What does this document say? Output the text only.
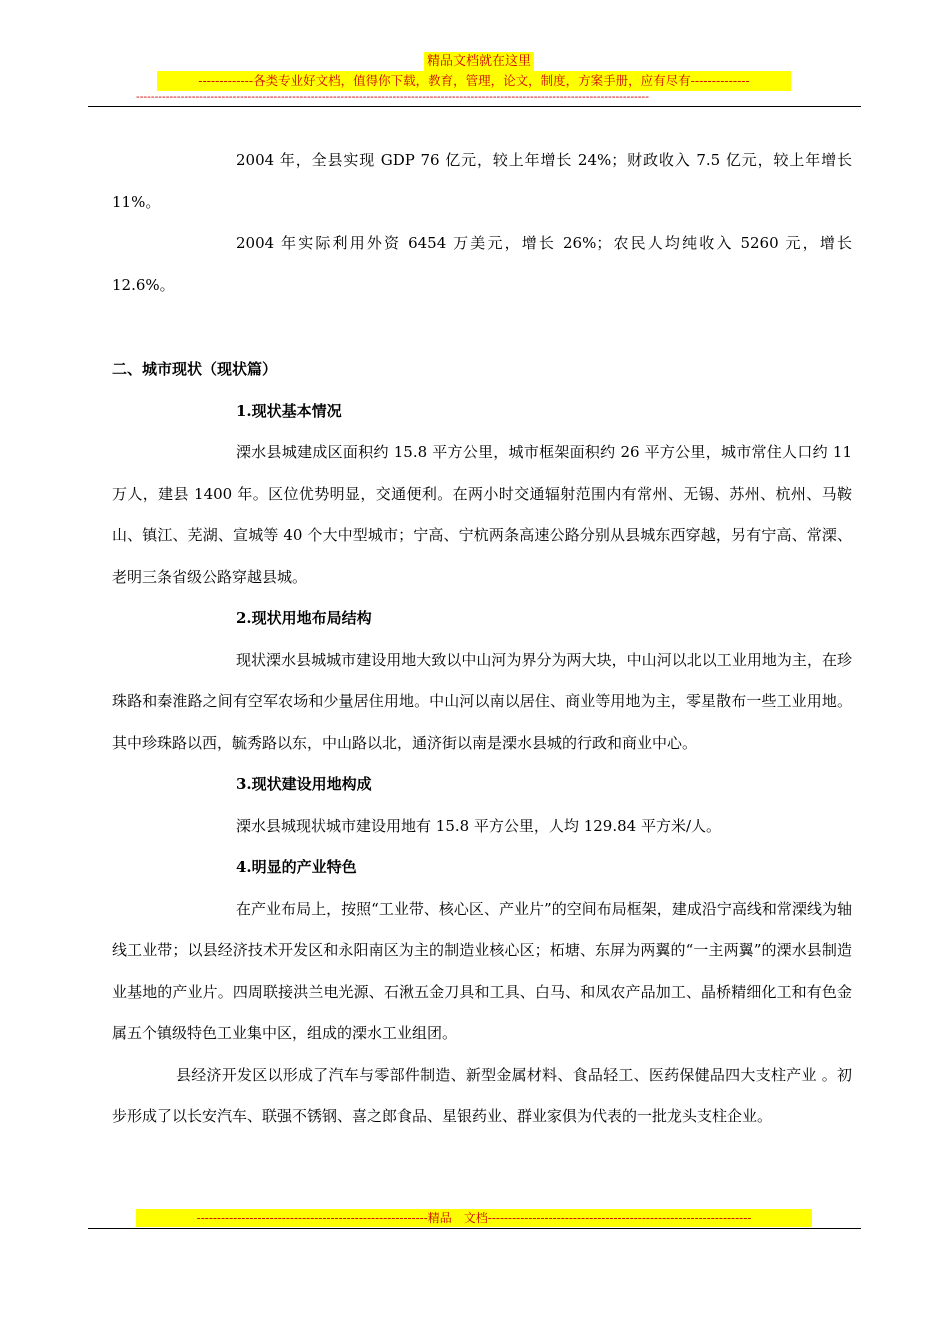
精品文档就在这里
-------------各类专业好文档，值得你下载，教育，管理，论文，制度，方案手册，应有尽有--------------
------------------------------------------------------------------------------------------------------------------------------------------

2004 年，全县实现 GDP 76 亿元，较上年增长 24%；财政收入 7.5 亿元，较上年增长 11%。

2004 年实际利用外资 6454 万美元，增长 26%；农民人均纯收入 5260 元，增长 12.6%。

二、城市现状（现状篇）

1.现状基本情况

溧水县城建成区面积约 15.8 平方公里，城市框架面积约 26 平方公里，城市常住人口约 11 万人，建县 1400 年。区位优势明显，交通便利。在两小时交通辐射范围内有常州、无锡、苏州、杭州、马鞍山、镇江、芜湖、宣城等 40 个大中型城市；宁高、宁杭两条高速公路分别从县城东西穿越，另有宁高、常溧、老明三条省级公路穿越县城。

2.现状用地布局结构

现状溧水县城城市建设用地大致以中山河为界分为两大块，中山河以北以工业用地为主，在珍珠路和秦淮路之间有空军农场和少量居住用地。中山河以南以居住、商业等用地为主，零星散布一些工业用地。其中珍珠路以西，毓秀路以东，中山路以北，通济街以南是溧水县城的行政和商业中心。

3.现状建设用地构成

溧水县城现状城市建设用地有 15.8 平方公里，人均 129.84 平方米/人。

4.明显的产业特色

在产业布局上，按照“工业带、核心区、产业片”的空间布局框架，建成沿宁高线和常溧线为轴线工业带；以县经济技术开发区和永阳南区为主的制造业核心区；柘塘、东屏为两翼的“一主两翼”的溧水县制造业基地的产业片。四周联接洪兰电光源、石湫五金刀具和工具、白马、和凤农产品加工、晶桥精细化工和有色金属五个镇级特色工业集中区，组成的溧水工业组团。

县经济开发区以形成了汽车与零部件制造、新型金属材料、食品轻工、医药保健品四大支柱产业 。初步形成了以长安汽车、联强不锈钢、喜之郎食品、星银药业、群业家俱为代表的一批龙头支柱企业。

---------------------------------------------------------精品　文档-----------------------------------------------------------------
